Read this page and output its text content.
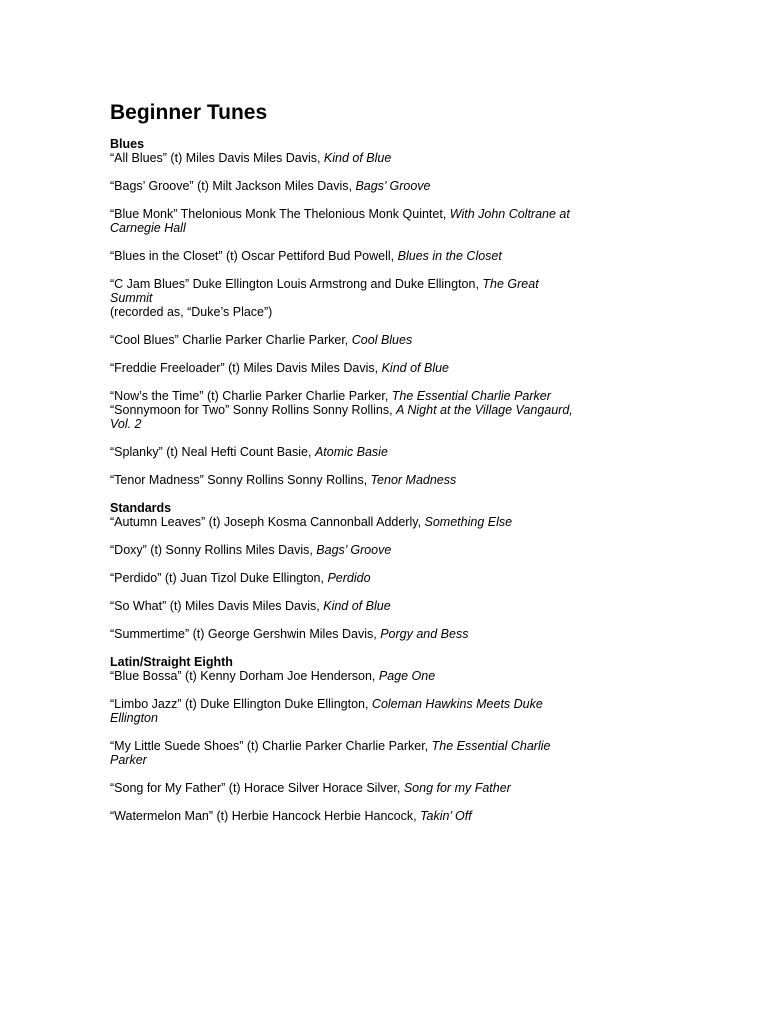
Beginner Tunes

Blues

“All Blues” (t) Miles Davis Miles Davis, Kind of Blue

“Bags’ Groove” (t) Milt Jackson Miles Davis, Bags’ Groove

“Blue Monk” Thelonious Monk The Thelonious Monk Quintet, With John Coltrane at Carnegie Hall

“Blues in the Closet” (t) Oscar Pettiford Bud Powell, Blues in the Closet

“C Jam Blues” Duke Ellington Louis Armstrong and Duke Ellington, The Great Summit
(recorded as, “Duke’s Place”)

“Cool Blues” Charlie Parker Charlie Parker, Cool Blues

“Freddie Freeloader” (t) Miles Davis Miles Davis, Kind of Blue

“Now’s the Time” (t) Charlie Parker Charlie Parker, The Essential Charlie Parker

“Sonnymoon for Two” Sonny Rollins Sonny Rollins, A Night at the Village Vangaurd, Vol. 2

“Splanky” (t) Neal Hefti Count Basie, Atomic Basie

“Tenor Madness” Sonny Rollins Sonny Rollins, Tenor Madness

Standards

“Autumn Leaves” (t) Joseph Kosma Cannonball Adderly, Something Else

“Doxy” (t) Sonny Rollins Miles Davis, Bags’ Groove

“Perdido” (t) Juan Tizol Duke Ellington, Perdido

“So What” (t) Miles Davis Miles Davis, Kind of Blue

“Summertime” (t) George Gershwin Miles Davis, Porgy and Bess

Latin/Straight Eighth

“Blue Bossa” (t) Kenny Dorham Joe Henderson, Page One

“Limbo Jazz” (t) Duke Ellington Duke Ellington, Coleman Hawkins Meets Duke Ellington

“My Little Suede Shoes” (t) Charlie Parker Charlie Parker, The Essential Charlie Parker

“Song for My Father” (t) Horace Silver Horace Silver, Song for my Father

“Watermelon Man” (t) Herbie Hancock Herbie Hancock, Takin’ Off
